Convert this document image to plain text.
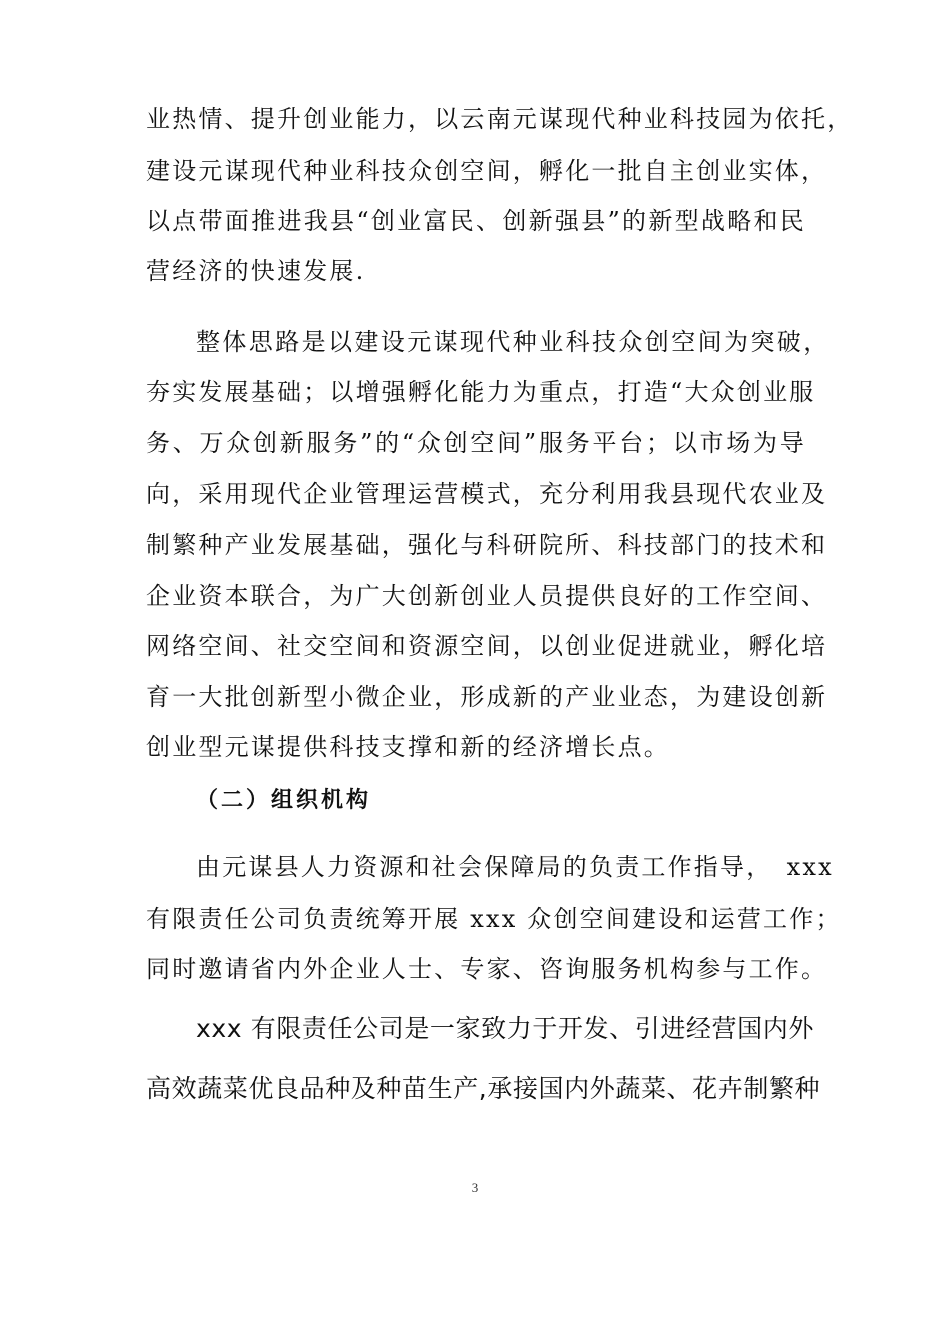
业热情、提升创业能力，以云南元谋现代种业科技园为依托，
建设元谋现代种业科技众创空间，孵化一批自主创业实体，
以点带面推进我县“创业富民、创新强县”的新型战略和民
营经济的快速发展.
整体思路是以建设元谋现代种业科技众创空间为突破，
夯实发展基础；以增强孵化能力为重点，打造“大众创业服
务、万众创新服务”的“众创空间”服务平台；以市场为导
向，采用现代企业管理运营模式，充分利用我县现代农业及
制繁种产业发展基础，强化与科研院所、科技部门的技术和
企业资本联合，为广大创新创业人员提供良好的工作空间、
网络空间、社交空间和资源空间，以创业促进就业，孵化培
育一大批创新型小微企业，形成新的产业业态，为建设创新
创业型元谋提供科技支撑和新的经济增长点。
（二）组织机构
由元谋县人力资源和社会保障局的负责工作指导，　xxx
有限责任公司负责统筹开展 xxx 众创空间建设和运营工作；
同时邀请省内外企业人士、专家、咨询服务机构参与工作。
xxx 有限责任公司是一家致力于开发、引进经营国内外
高效蔬菜优良品种及种苗生产,承接国内外蔬菜、花卉制繁种
3
